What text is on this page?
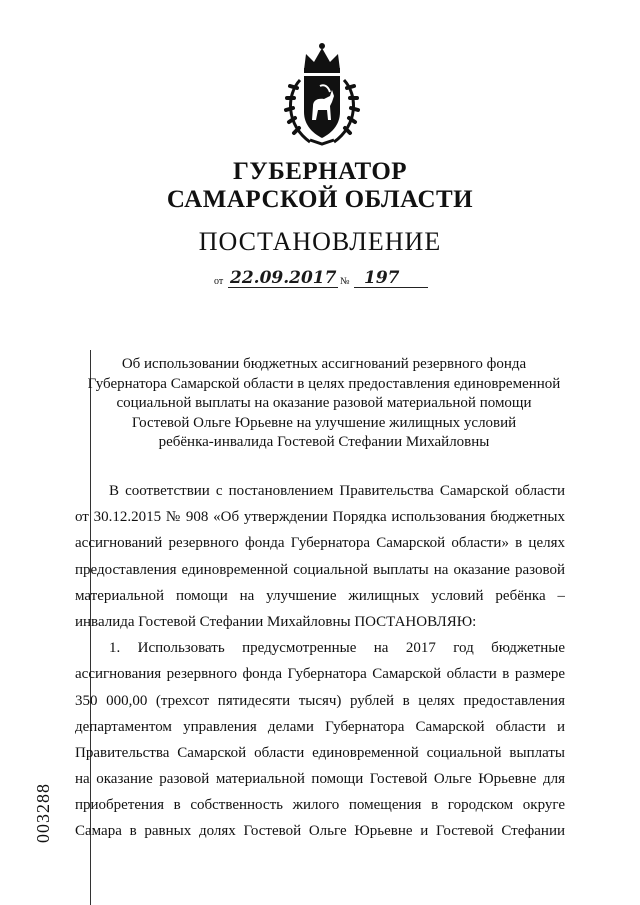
ГУБЕРНАТОР
САМАРСКОЙ ОБЛАСТИ
ПОСТАНОВЛЕНИЕ
от 22.09.2017 № 197
Об использовании бюджетных ассигнований резервного фонда
Губернатора Самарской области в целях предоставления единовременной
социальной выплаты на оказание разовой материальной помощи
Гостевой Ольге Юрьевне на улучшение жилищных условий
ребёнка-инвалида Гостевой Стефании Михайловны
В соответствии с постановлением Правительства Самарской области
от 30.12.2015 № 908 «Об утверждении Порядка использования бюджетных
ассигнований резервного фонда Губернатора Самарской области» в целях
предоставления единовременной социальной выплаты на оказание разовой
материальной помощи на улучшение жилищных условий ребёнка –
инвалида Гостевой Стефании Михайловны ПОСТАНОВЛЯЮ:
1. Использовать предусмотренные на 2017 год бюджетные
ассигнования резервного фонда Губернатора Самарской области в размере
350 000,00 (трехсот пятидесяти тысяч) рублей в целях предоставления
департаментом управления делами Губернатора Самарской области и
Правительства Самарской области единовременной социальной выплаты
на оказание разовой материальной помощи Гостевой Ольге Юрьевне для
приобретения в собственность жилого помещения в городском округе
Самара в равных долях Гостевой Ольге Юрьевне и Гостевой Стефании
003288
